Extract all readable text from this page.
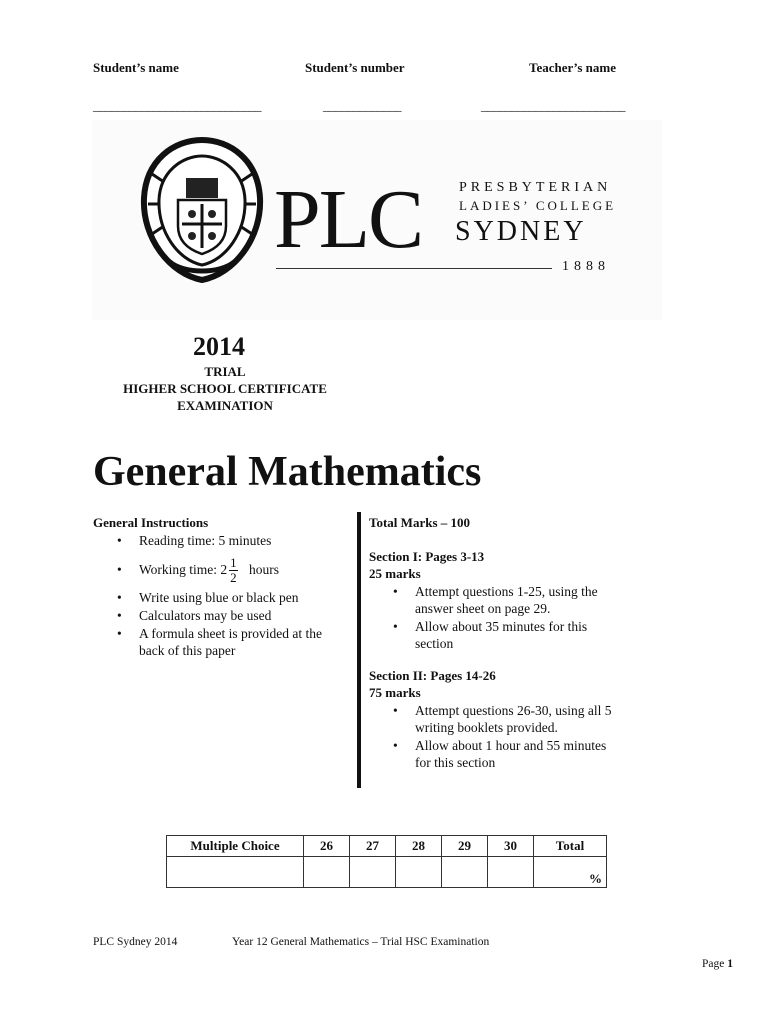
Student’s name	Student’s number	Teacher’s name
____________________________	_____________	________________________
PLC	PRESBYTERIAN
LADIES’ COLLEGE
SYDNEY
1888
2014
TRIAL
HIGHER SCHOOL CERTIFICATE
EXAMINATION
General Mathematics
General Instructions
• Reading time: 5 minutes
• Working time: $2 \frac{1}{2}$ hours
• Write using blue or black pen
• Calculators may be used
• A formula sheet is provided at the
back of this paper
Total Marks – 100
Section I: Pages 3-13
25 marks
• Attempt questions 1-25, using the
answer sheet on page 29.
• Allow about 35 minutes for this
section
Section II: Pages 14-26
75 marks
• Attempt questions 26-30, using all 5
writing booklets provided.
• Allow about 1 hour and 55 minutes
for this section
Multiple Choice	26	27	28	29	30	Total
						%
PLC Sydney 2014	Year 12 General Mathematics – Trial HSC Examination
Page 1
